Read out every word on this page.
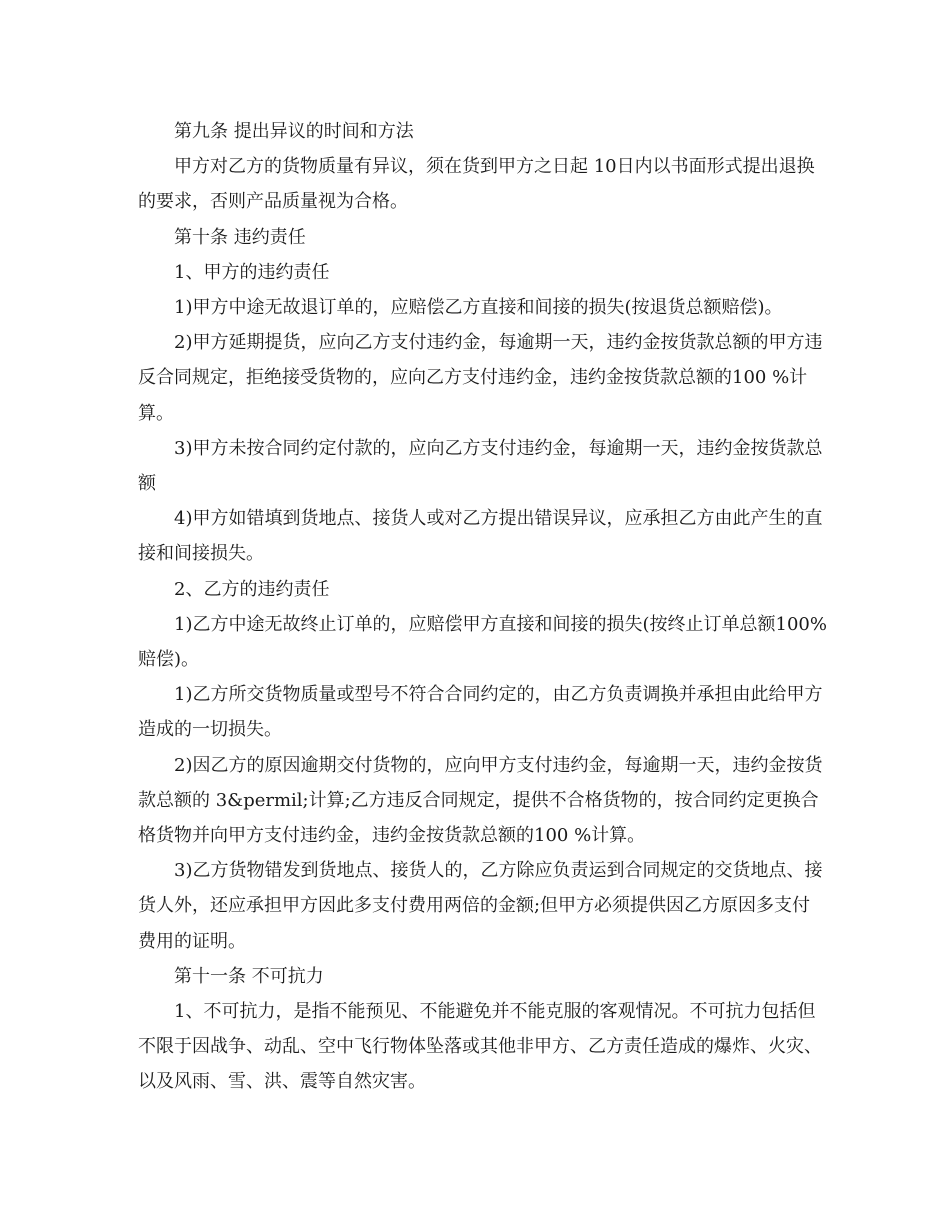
第九条 提出异议的时间和方法

甲方对乙方的货物质量有异议，须在货到甲方之日起 10日内以书面形式提出退换的要求，否则产品质量视为合格。

第十条 违约责任

1、甲方的违约责任

1)甲方中途无故退订单的，应赔偿乙方直接和间接的损失(按退货总额赔偿)。

2)甲方延期提货，应向乙方支付违约金，每逾期一天，违约金按货款总额的甲方违反合同规定，拒绝接受货物的，应向乙方支付违约金，违约金按货款总额的100 %计算。

3)甲方未按合同约定付款的，应向乙方支付违约金，每逾期一天，违约金按货款总额

4)甲方如错填到货地点、接货人或对乙方提出错误异议，应承担乙方由此产生的直接和间接损失。

2、乙方的违约责任

1)乙方中途无故终止订单的，应赔偿甲方直接和间接的损失(按终止订单总额100%赔偿)。

1)乙方所交货物质量或型号不符合合同约定的，由乙方负责调换并承担由此给甲方造成的一切损失。

2)因乙方的原因逾期交付货物的，应向甲方支付违约金，每逾期一天，违约金按货款总额的 3&permil;计算;乙方违反合同规定，提供不合格货物的，按合同约定更换合格货物并向甲方支付违约金，违约金按货款总额的100 %计算。

3)乙方货物错发到货地点、接货人的，乙方除应负责运到合同规定的交货地点、接货人外，还应承担甲方因此多支付费用两倍的金额;但甲方必须提供因乙方原因多支付费用的证明。

第十一条 不可抗力

1、不可抗力，是指不能预见、不能避免并不能克服的客观情况。不可抗力包括但不限于因战争、动乱、空中飞行物体坠落或其他非甲方、乙方责任造成的爆炸、火灾、以及风雨、雪、洪、震等自然灾害。
